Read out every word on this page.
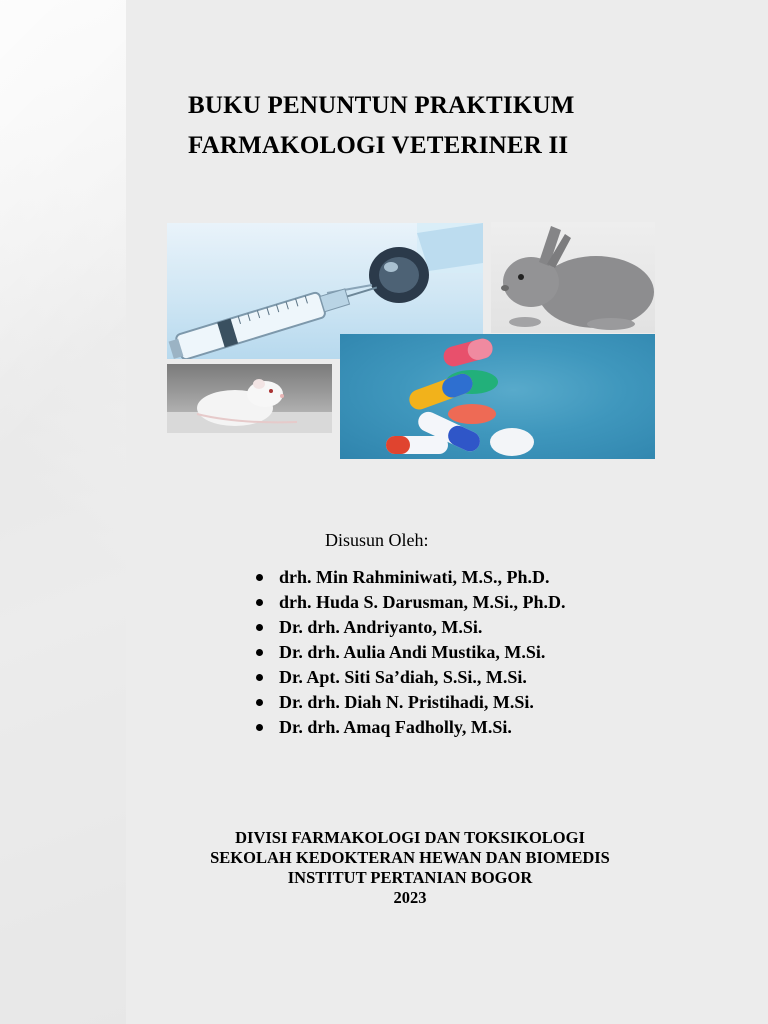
BUKU PENUNTUN PRAKTIKUM
FARMAKOLOGI VETERINER II
Disusun Oleh:
drh. Min Rahminiwati, M.S., Ph.D.
drh. Huda S. Darusman, M.Si., Ph.D.
Dr. drh. Andriyanto, M.Si.
Dr. drh. Aulia Andi Mustika, M.Si.
Dr. Apt. Siti Sa’diah, S.Si., M.Si.
Dr. drh. Diah N. Pristihadi, M.Si.
Dr. drh. Amaq Fadholly, M.Si.
DIVISI FARMAKOLOGI DAN TOKSIKOLOGI
SEKOLAH KEDOKTERAN HEWAN DAN BIOMEDIS
INSTITUT PERTANIAN BOGOR
2023
